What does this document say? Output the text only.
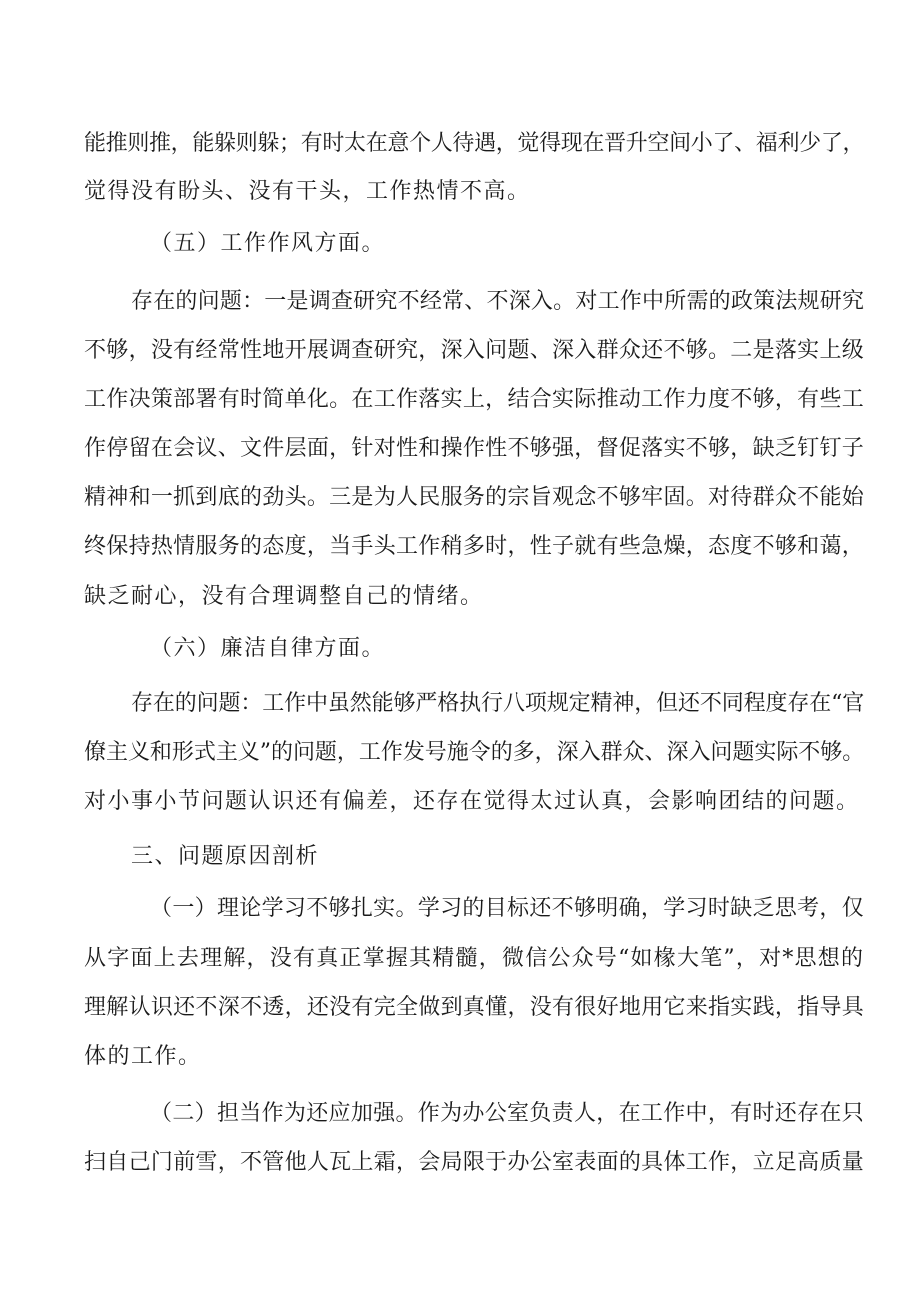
能推则推，能躲则躲；有时太在意个人待遇，觉得现在晋升空间小了、福利少了，
觉得没有盼头、没有干头，工作热情不高。
（五）工作作风方面。
存在的问题：一是调查研究不经常、不深入。对工作中所需的政策法规研究
不够，没有经常性地开展调查研究，深入问题、深入群众还不够。二是落实上级
工作决策部署有时简单化。在工作落实上，结合实际推动工作力度不够，有些工
作停留在会议、文件层面，针对性和操作性不够强，督促落实不够，缺乏钉钉子
精神和一抓到底的劲头。三是为人民服务的宗旨观念不够牢固。对待群众不能始
终保持热情服务的态度，当手头工作稍多时，性子就有些急燥，态度不够和蔼，
缺乏耐心，没有合理调整自己的情绪。
（六）廉洁自律方面。
存在的问题：工作中虽然能够严格执行八项规定精神，但还不同程度存在“官
僚主义和形式主义”的问题，工作发号施令的多，深入群众、深入问题实际不够。
对小事小节问题认识还有偏差，还存在觉得太过认真，会影响团结的问题。
三、问题原因剖析
（一）理论学习不够扎实。学习的目标还不够明确，学习时缺乏思考，仅
从字面上去理解，没有真正掌握其精髓，微信公众号“如椽大笔”，对*思想的
理解认识还不深不透，还没有完全做到真懂，没有很好地用它来指实践，指导具
体的工作。
（二）担当作为还应加强。作为办公室负责人，在工作中，有时还存在只
扫自己门前雪，不管他人瓦上霜，会局限于办公室表面的具体工作，立足高质量
